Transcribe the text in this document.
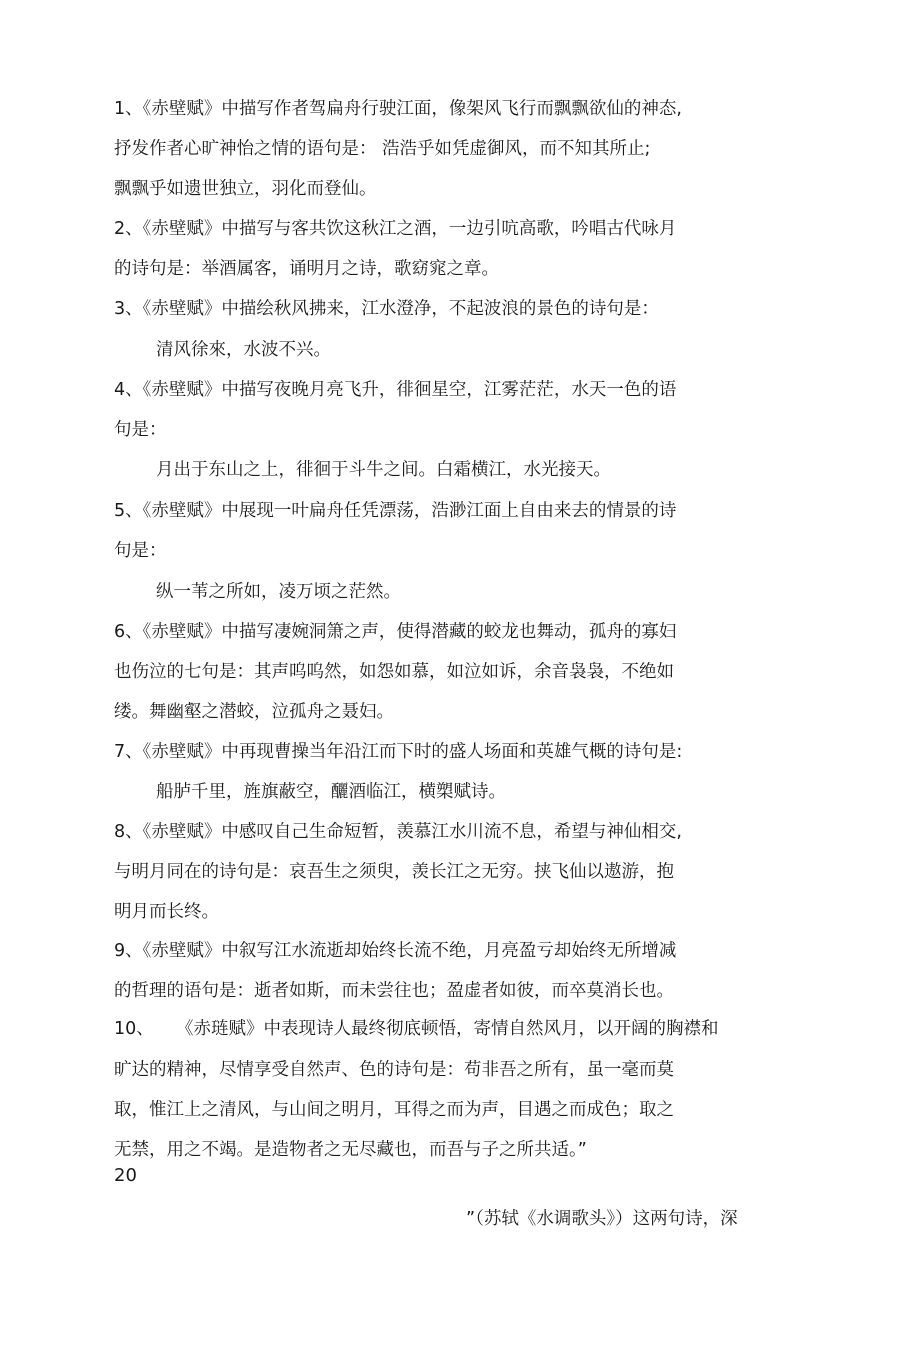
1、《赤壁赋》中描写作者驾扁舟行驶江面，像架风飞行而飘飘欲仙的神态,

抒发作者心旷神怡之情的语句是： 浩浩乎如凭虚御风，而不知其所止;

飘飘乎如遗世独立，羽化而登仙。

2、《赤壁赋》中描写与客共饮这秋江之酒，一边引吭高歌，吟唱古代咏月

的诗句是：举酒属客，诵明月之诗，歌窈窕之章。

3、《赤壁赋》中描绘秋风拂来，江水澄净，不起波浪的景色的诗句是：

清风徐來，水波不兴。

4、《赤壁赋》中描写夜晚月亮飞升，徘徊星空，江雾茫茫，水天一色的语

句是：

月出于东山之上，徘徊于斗牛之间。白霜横江，水光接天。

5、《赤壁赋》中展现一叶扁舟任凭漂荡，浩渺江面上自由来去的情景的诗

句是：

纵一苇之所如，凌万顷之茫然。

6、《赤壁赋》中描写凄婉洞箫之声，使得潜藏的蛟龙也舞动，孤舟的寡妇

也伤泣的七句是：其声呜呜然，如怨如慕，如泣如诉，余音袅袅，不绝如

缕。舞幽壑之潜蛟，泣孤舟之聂妇。

7、《赤壁赋》中再现曹操当年沿江而下时的盛人场面和英雄气概的诗句是:

船胪千里，旌旗蔽空，釃酒临江，横槊赋诗。

8、《赤壁赋》中感叹自己生命短暂，羡慕江水川流不息，希望与神仙相交,

与明月同在的诗句是：哀吾生之须臾，羡长江之无穷。挟飞仙以遨游，抱

明月而长终。

9、《赤壁赋》中叙写江水流逝却始终长流不绝，月亮盈亏却始终无所增减

的哲理的语句是：逝者如斯，而未尝往也；盈虚者如彼，而卒莫消长也。

10、 《赤琏赋》中表现诗人最终彻底顿悟，寄情自然风月，以开阔的胸襟和

旷达的精神，尽情享受自然声、色的诗句是：苟非吾之所有，虽一毫而莫

取，惟江上之清风，与山间之明月，耳得之而为声，目遇之而成色；取之

无禁，用之不竭。是造物者之无尽藏也，而吾与子之所共适。”

20
”（苏轼《水调歌头》）这两句诗，深
